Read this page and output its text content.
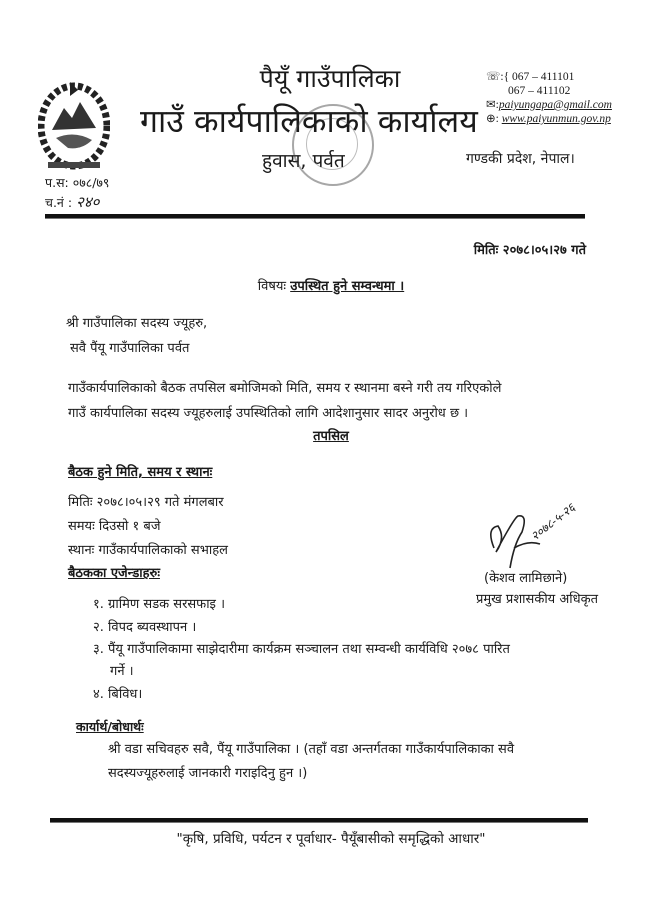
पैयूँ गाउँपालिका
गाउँ कार्यपालिकाको कार्यालय
हुवास, पर्वत
☏:{ 067 – 411101
067 – 411102
✉:paiyungapa@gmail.com
⊕: www.paiyunmun.gov.np
गण्डकी प्रदेश, नेपाल।
प.स: ०७८/७९
च.नं : २४०
मितिः २०७८।०५।२७ गते
विषयः उपस्थित हुने सम्वन्धमा ।
श्री गाउँपालिका सदस्य ज्यूहरु,
सवै पैंयू गाउँपालिका पर्वत
गाउँकार्यपालिकाको बैठक तपसिल बमोजिमको मिति, समय र स्थानमा बस्ने गरी तय गरिएकोले
गाउँ कार्यपालिका सदस्य ज्यूहरुलाई उपस्थितिको लागि आदेशानुसार सादर अनुरोध छ ।
तपसिल
बैठक हुने मिति, समय र स्थानः
मितिः २०७८।०५।२९ गते मंगलबार
समयः दिउसो १ बजे
स्थानः गाउँकार्यपालिकाको सभाहल
बैठकका एजेन्डाहरुः
१. ग्रामिण सडक सरसफाइ ।
२. विपद ब्यवस्थापन ।
३. पैंयू गाउँपालिकामा साझेदारीमा कार्यक्रम सञ्चालन तथा सम्वन्धी कार्यविधि २०७८ पारित
गर्ने ।
४. बिविध।
२०७८-५-२६
(केशव लामिछाने)
प्रमुख प्रशासकीय अधिकृत
कार्यार्थ/बोधार्थः
श्री वडा सचिवहरु सवै, पैंयू गाउँपालिका । (तहाँ वडा अन्तर्गतका गाउँकार्यपालिकाका सवै
सदस्यज्यूहरुलाई जानकारी गराइदिनु हुन ।)
"कृषि, प्रविधि, पर्यटन र पूर्वाधार- पैयूँबासीको समृद्धिको आधार"
